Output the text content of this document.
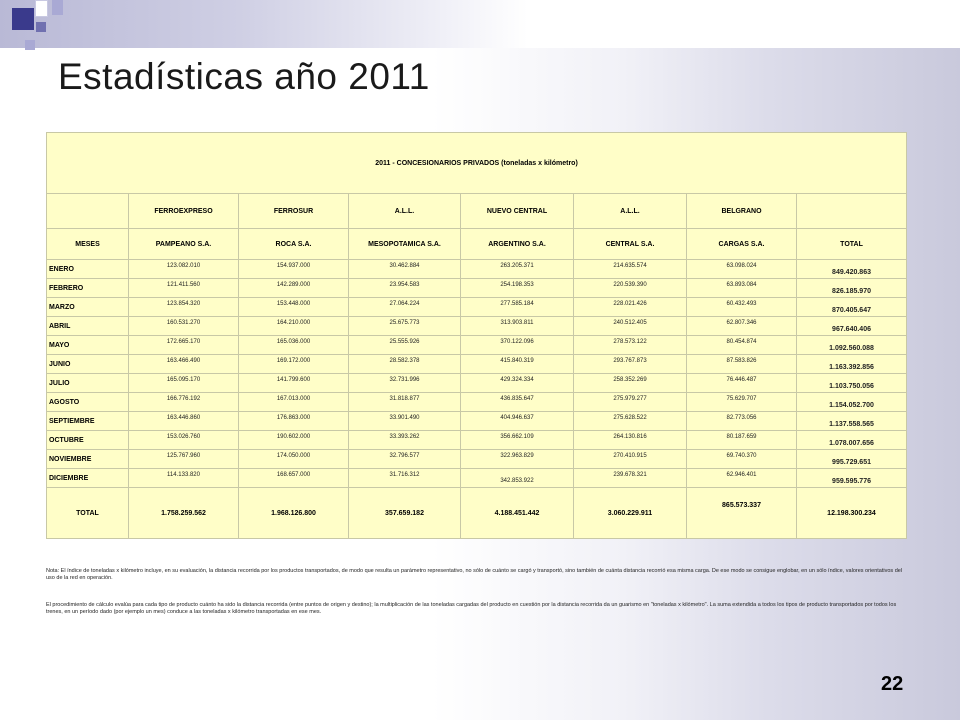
Estadísticas año 2011
2011 - CONCESIONARIOS PRIVADOS (toneladas x kilómetro)							
	FERROEXPRESO	FERROSUR	A.L.L.	NUEVO CENTRAL	A.L.L.	BELGRANO	
MESES	PAMPEANO S.A.	ROCA S.A.	MESOPOTAMICA S.A.	ARGENTINO S.A.	CENTRAL S.A.	CARGAS S.A.	TOTAL
ENERO	123.082.010	154.937.000	30.462.884	263.205.371	214.635.574	63.098.024	849.420.863

FEBRERO	121.411.560	142.289.000	23.954.583	254.198.353	220.539.390	63.893.084	826.185.970

MARZO	123.854.320	153.448.000	27.064.224	277.585.184	228.021.426	60.432.493	870.405.647

ABRIL	160.531.270	164.210.000	25.675.773	313.903.811	240.512.405	62.807.346	967.640.406

MAYO	172.665.170	165.036.000	25.555.926	370.122.096	278.573.122	80.454.874	1.092.560.088

JUNIO	163.466.490	169.172.000	28.582.378	415.840.319	293.767.873	87.583.826	1.163.392.856

JULIO	165.095.170	141.799.600	32.731.996	429.324.334	258.352.269	76.446.487	1.103.750.056

AGOSTO	166.776.192	167.013.000	31.818.877	436.835.647	275.979.277	75.629.707	1.154.052.700

SEPTIEMBRE	163.446.860	176.863.000	33.901.490	404.946.637	275.628.522	82.773.056	1.137.558.565

OCTUBRE	153.026.760	190.602.000	33.393.262	356.662.109	264.130.816	80.187.659	1.078.007.656

NOVIEMBRE	125.767.960	174.050.000	32.796.577	322.963.829	270.410.915	69.740.370	995.729.651

DICIEMBRE	114.133.820	168.657.000	31.716.312	342.853.922	239.678.321	62.946.401	959.595.776

TOTAL	1.758.259.562	1.968.126.800	357.659.182	4.188.451.442	3.060.229.911	865.573.337	12.198.300.234

Nota: El índice de toneladas x kilómetro incluye, en su evaluación, la distancia recorrida por los productos transportados, de modo que resulta un parámetro representativo, no sólo de cuánto se cargó y transportó, sino también de cuánta distancia recorrió esa misma carga. De ese modo se consigue englobar, en un sólo índice, valores orientativos del uso de la red en operación.

El procedimiento de cálculo evalúa para cada tipo de producto cuánto ha sido la distancia recorrida (entre puntos de origen y destino); la multiplicación de las toneladas cargadas del producto en cuestión por la distancia recorrida da un guarismo en "toneladas x kilómetro". La suma extendida a todos los tipos de producto transportados por todos los trenes, en un período dado (por ejemplo un mes) conduce a las toneladas x kilómetro transportadas en ese mes.

22
